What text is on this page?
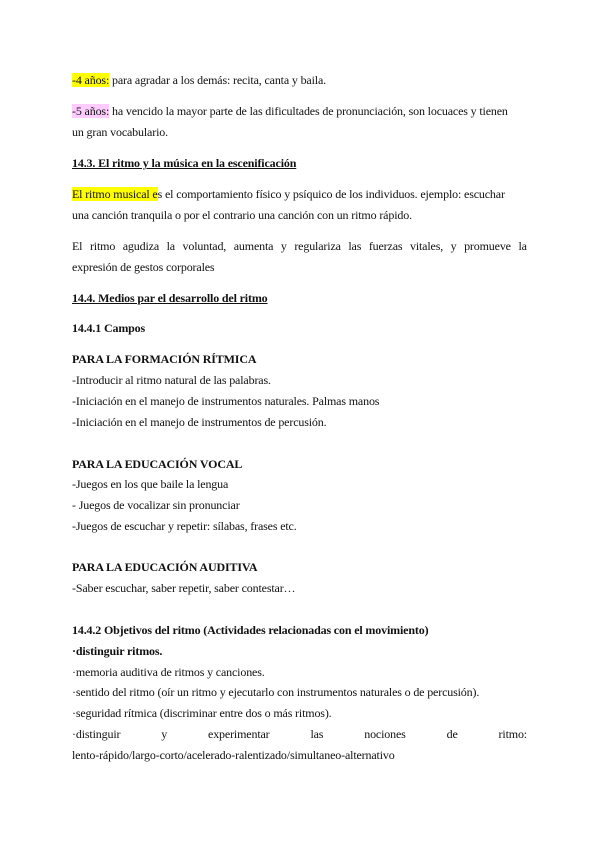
-4 años: para agradar a los demás: recita, canta y baila.
-5 años: ha vencido la mayor parte de las dificultades de pronunciación, son locuaces y tienen
un gran vocabulario.
14.3. El ritmo y la música en la escenificación
El ritmo musical es el comportamiento físico y psíquico de los individuos. ejemplo: escuchar
una canción tranquila o por el contrario una canción con un ritmo rápido.
El ritmo agudiza la voluntad, aumenta y regulariza las fuerzas vitales, y promueve la
expresión de gestos corporales
14.4. Medios par el desarrollo del ritmo
14.4.1 Campos
PARA LA FORMACIÓN RÍTMICA
-Introducir al ritmo natural de las palabras.
-Iniciación en el manejo de instrumentos naturales. Palmas manos
-Iniciación en el manejo de instrumentos de percusión.
PARA LA EDUCACIÓN VOCAL
-Juegos en los que baile la lengua
- Juegos de vocalizar sin pronunciar
-Juegos de escuchar y repetir: sílabas, frases etc.
PARA LA EDUCACIÓN AUDITIVA
-Saber escuchar, saber repetir, saber contestar…
14.4.2 Objetivos del ritmo (Actividades relacionadas con el movimiento)
·distinguir ritmos.
·memoria auditiva de ritmos y canciones.
·sentido del ritmo (oír un ritmo y ejecutarlo con instrumentos naturales o de percusión).
·seguridad rítmica (discriminar entre dos o más ritmos).
·distinguir	y	experimentar	las	nociones	de	ritmo:
lento-rápido/largo-corto/acelerado-ralentizado/simultaneo-alternativo
